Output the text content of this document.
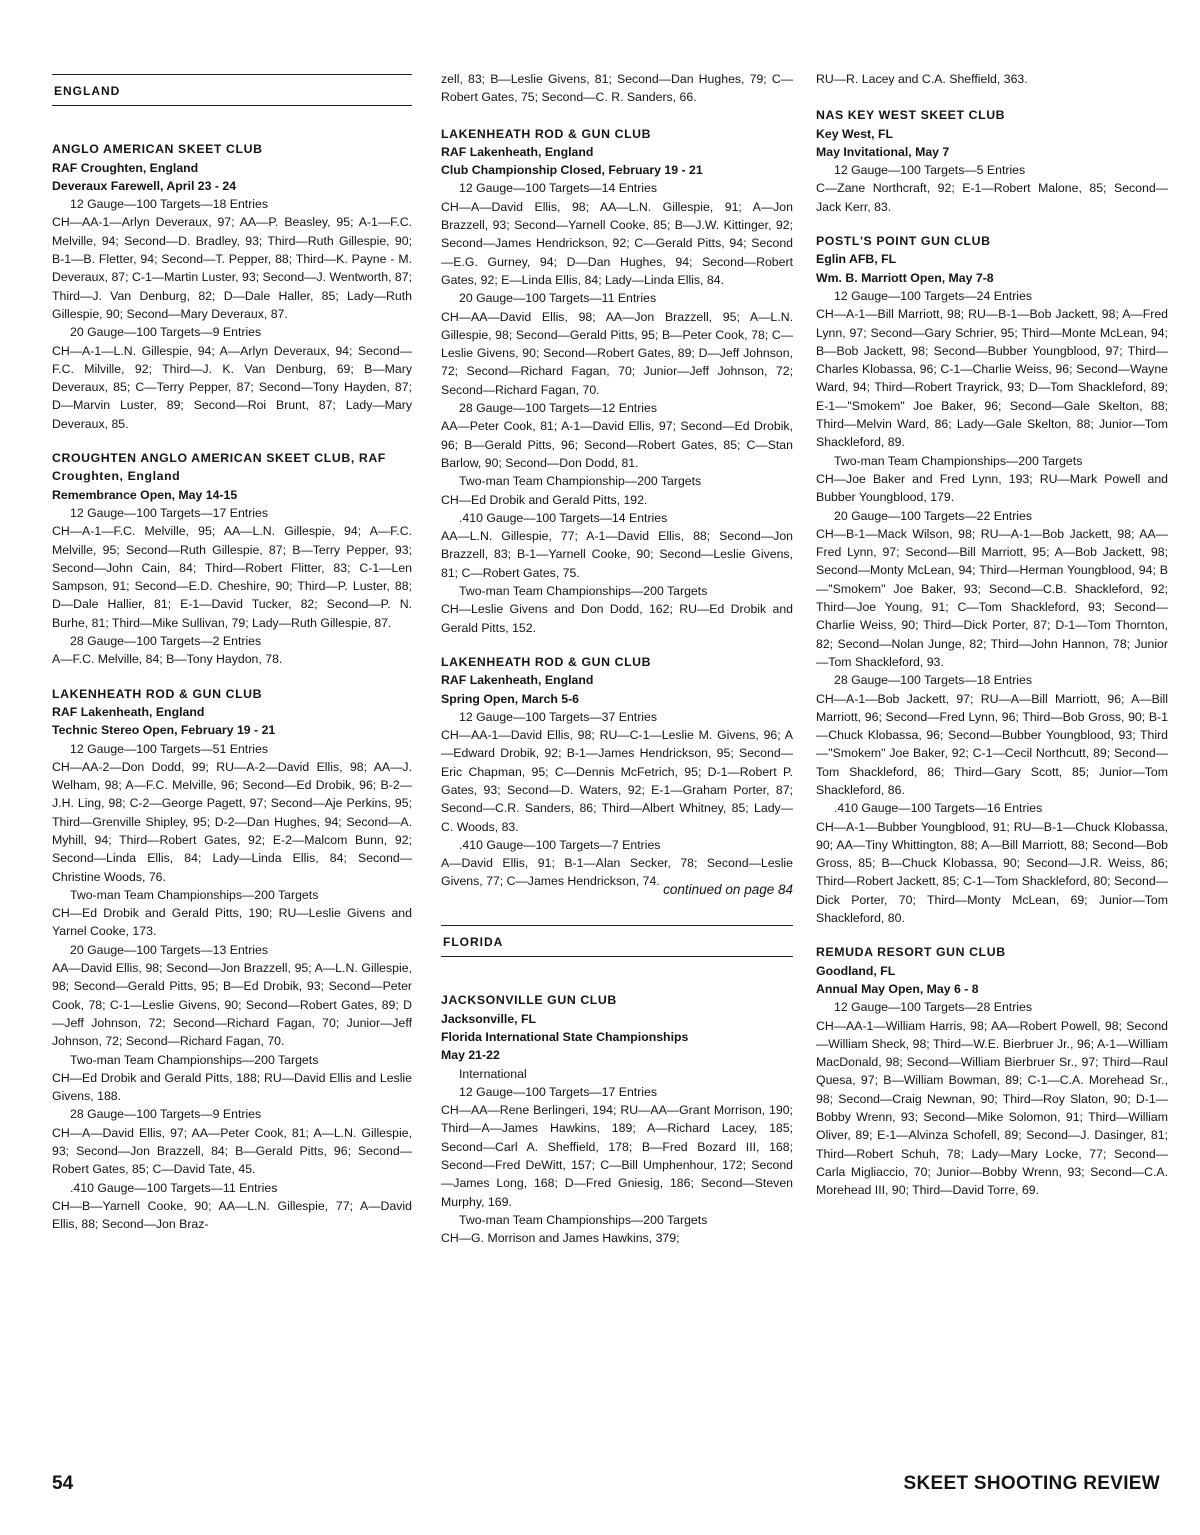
ENGLAND
ANGLO AMERICAN SKEET CLUB
RAF Croughten, England
Deveraux Farewell, April 23 - 24
12 Gauge—100 Targets—18 Entries
CH—AA-1—Arlyn Deveraux, 97; AA—P. Beasley, 95; A-1—F.C. Melville, 94; Second—D. Bradley, 93; Third—Ruth Gillespie, 90; B-1—B. Fletter, 94; Second—T. Pepper, 88; Third—K. Payne - M. Deveraux, 87; C-1—Martin Luster, 93; Second—J. Wentworth, 87; Third—J. Van Denburg, 82; D—Dale Haller, 85; Lady—Ruth Gillespie, 90; Second—Mary Deveraux, 87.
20 Gauge—100 Targets—9 Entries
CH—A-1—L.N. Gillespie, 94; A—Arlyn Deveraux, 94; Second—F.C. Milville, 92; Third—J. K. Van Denburg, 69; B—Mary Deveraux, 85; C—Terry Pepper, 87; Second—Tony Hayden, 87; D—Marvin Luster, 89; Second—Roi Brunt, 87; Lady—Mary Deveraux, 85.
CROUGHTEN ANGLO AMERICAN SKEET CLUB, RAF Croughten, England
Remembrance Open, May 14-15
12 Gauge—100 Targets—17 Entries
CH—A-1—F.C. Melville, 95; AA—L.N. Gillespie, 94; A—F.C. Melville, 95; Second—Ruth Gillespie, 87; B—Terry Pepper, 93; Second—John Cain, 84; Third—Robert Flitter, 83; C-1—Len Sampson, 91; Second—E.D. Cheshire, 90; Third—P. Luster, 88; D—Dale Hallier, 81; E-1—David Tucker, 82; Second—P. N. Burhe, 81; Third—Mike Sullivan, 79; Lady—Ruth Gillespie, 87.
28 Gauge—100 Targets—2 Entries
A—F.C. Melville, 84; B—Tony Haydon, 78.
LAKENHEATH ROD & GUN CLUB
RAF Lakenheath, England
Technic Stereo Open, February 19 - 21
12 Gauge—100 Targets—51 Entries
CH—AA-2—Don Dodd, 99; RU—A-2—David Ellis, 98; AA—J. Welham, 98; A—F.C. Melville, 96; Second—Ed Drobik, 96; B-2—J.H. Ling, 98; C-2—George Pagett, 97; Second—Aje Perkins, 95; Third—Grenville Shipley, 95; D-2—Dan Hughes, 94; Second—A. Myhill, 94; Third—Robert Gates, 92; E-2—Malcom Bunn, 92; Second—Linda Ellis, 84; Lady—Linda Ellis, 84; Second—Christine Woods, 76.
Two-man Team Championships—200 Targets
CH—Ed Drobik and Gerald Pitts, 190; RU—Leslie Givens and Yarnel Cooke, 173.
20 Gauge—100 Targets—13 Entries
AA—David Ellis, 98; Second—Jon Brazzell, 95; A—L.N. Gillespie, 98; Second—Gerald Pitts, 95; B—Ed Drobik, 93; Second—Peter Cook, 78; C-1—Leslie Givens, 90; Second—Robert Gates, 89; D—Jeff Johnson, 72; Second—Richard Fagan, 70; Junior—Jeff Johnson, 72; Second—Richard Fagan, 70.
Two-man Team Championships—200 Targets
CH—Ed Drobik and Gerald Pitts, 188; RU—David Ellis and Leslie Givens, 188.
28 Gauge—100 Targets—9 Entries
CH—A—David Ellis, 97; AA—Peter Cook, 81; A—L.N. Gillespie, 93; Second—Jon Brazzell, 84; B—Gerald Pitts, 96; Second—Robert Gates, 85; C—David Tate, 45.
.410 Gauge—100 Targets—11 Entries
CH—B—Yarnell Cooke, 90; AA—L.N. Gillespie, 77; A—David Ellis, 88; Second—Jon Braz-
zell, 83; B—Leslie Givens, 81; Second—Dan Hughes, 79; C—Robert Gates, 75; Second—C. R. Sanders, 66.
LAKENHEATH ROD & GUN CLUB
RAF Lakenheath, England
Club Championship Closed, February 19 - 21
12 Gauge—100 Targets—14 Entries
CH—A—David Ellis, 98; AA—L.N. Gillespie, 91; A—Jon Brazzell, 93; Second—Yarnell Cooke, 85; B—J.W. Kittinger, 92; Second—James Hendrickson, 92; C—Gerald Pitts, 94; Second—E.G. Gurney, 94; D—Dan Hughes, 94; Second—Robert Gates, 92; E—Linda Ellis, 84; Lady—Linda Ellis, 84.
20 Gauge—100 Targets—11 Entries
CH—AA—David Ellis, 98; AA—Jon Brazzell, 95; A—L.N. Gillespie, 98; Second—Gerald Pitts, 95; B—Peter Cook, 78; C—Leslie Givens, 90; Second—Robert Gates, 89; D—Jeff Johnson, 72; Second—Richard Fagan, 70; Junior—Jeff Johnson, 72; Second—Richard Fagan, 70.
28 Gauge—100 Targets—12 Entries
AA—Peter Cook, 81; A-1—David Ellis, 97; Second—Ed Drobik, 96; B—Gerald Pitts, 96; Second—Robert Gates, 85; C—Stan Barlow, 90; Second—Don Dodd, 81.
Two-man Team Championship—200 Targets
CH—Ed Drobik and Gerald Pitts, 192.
.410 Gauge—100 Targets—14 Entries
AA—L.N. Gillespie, 77; A-1—David Ellis, 88; Second—Jon Brazzell, 83; B-1—Yarnell Cooke, 90; Second—Leslie Givens, 81; C—Robert Gates, 75.
Two-man Team Championships—200 Targets
CH—Leslie Givens and Don Dodd, 162; RU—Ed Drobik and Gerald Pitts, 152.
LAKENHEATH ROD & GUN CLUB
RAF Lakenheath, England
Spring Open, March 5-6
12 Gauge—100 Targets—37 Entries
CH—AA-1—David Ellis, 98; RU—C-1—Leslie M. Givens, 96; A—Edward Drobik, 92; B-1—James Hendrickson, 95; Second—Eric Chapman, 95; C—Dennis McFetrich, 95; D-1—Robert P. Gates, 93; Second—D. Waters, 92; E-1—Graham Porter, 87; Second—C.R. Sanders, 86; Third—Albert Whitney, 85; Lady—C. Woods, 83.
.410 Gauge—100 Targets—7 Entries
A—David Ellis, 91; B-1—Alan Secker, 78; Second—Leslie Givens, 77; C—James Hendrickson, 74.
continued on page 84
FLORIDA
JACKSONVILLE GUN CLUB
Jacksonville, FL
Florida International State Championships
May 21-22
International
12 Gauge—100 Targets—17 Entries
CH—AA—Rene Berlingeri, 194; RU—AA—Grant Morrison, 190; Third—A—James Hawkins, 189; A—Richard Lacey, 185; Second—Carl A. Sheffield, 178; B—Fred Bozard III, 168; Second—Fred DeWitt, 157; C—Bill Umphenhour, 172; Second—James Long, 168; D—Fred Gniesig, 186; Second—Steven Murphy, 169.
Two-man Team Championships—200 Targets
CH—G. Morrison and James Hawkins, 379;
RU—R. Lacey and C.A. Sheffield, 363.
NAS KEY WEST SKEET CLUB
Key West, FL
May Invitational, May 7
12 Gauge—100 Targets—5 Entries
C—Zane Northcraft, 92; E-1—Robert Malone, 85; Second—Jack Kerr, 83.
POSTL'S POINT GUN CLUB
Eglin AFB, FL
Wm. B. Marriott Open, May 7-8
12 Gauge—100 Targets—24 Entries
CH—A-1—Bill Marriott, 98; RU—B-1—Bob Jackett, 98; A—Fred Lynn, 97; Second—Gary Schrier, 95; Third—Monte McLean, 94; B—Bob Jackett, 98; Second—Bubber Youngblood, 97; Third—Charles Klobassa, 96; C-1—Charlie Weiss, 96; Second—Wayne Ward, 94; Third—Robert Trayrick, 93; D—Tom Shackleford, 89; E-1—"Smokem" Joe Baker, 96; Second—Gale Skelton, 88; Third—Melvin Ward, 86; Lady—Gale Skelton, 88; Junior—Tom Shackleford, 89.
Two-man Team Championships—200 Targets
CH—Joe Baker and Fred Lynn, 193; RU—Mark Powell and Bubber Youngblood, 179.
20 Gauge—100 Targets—22 Entries
CH—B-1—Mack Wilson, 98; RU—A-1—Bob Jackett, 98; AA—Fred Lynn, 97; Second—Bill Marriott, 95; A—Bob Jackett, 98; Second—Monty McLean, 94; Third—Herman Youngblood, 94; B—"Smokem" Joe Baker, 93; Second—C.B. Shackleford, 92; Third—Joe Young, 91; C—Tom Shackleford, 93; Second—Charlie Weiss, 90; Third—Dick Porter, 87; D-1—Tom Thornton, 82; Second—Nolan Junge, 82; Third—John Hannon, 78; Junior—Tom Shackleford, 93.
28 Gauge—100 Targets—18 Entries
CH—A-1—Bob Jackett, 97; RU—A—Bill Marriott, 96; A—Bill Marriott, 96; Second—Fred Lynn, 96; Third—Bob Gross, 90; B-1—Chuck Klobassa, 96; Second—Bubber Youngblood, 93; Third—"Smokem" Joe Baker, 92; C-1—Cecil Northcutt, 89; Second—Tom Shackleford, 86; Third—Gary Scott, 85; Junior—Tom Shackleford, 86.
.410 Gauge—100 Targets—16 Entries
CH—A-1—Bubber Youngblood, 91; RU—B-1—Chuck Klobassa, 90; AA—Tiny Whittington, 88; A—Bill Marriott, 88; Second—Bob Gross, 85; B—Chuck Klobassa, 90; Second—J.R. Weiss, 86; Third—Robert Jackett, 85; C-1—Tom Shackleford, 80; Second—Dick Porter, 70; Third—Monty McLean, 69; Junior—Tom Shackleford, 80.
REMUDA RESORT GUN CLUB
Goodland, FL
Annual May Open, May 6 - 8
12 Gauge—100 Targets—28 Entries
CH—AA-1—William Harris, 98; AA—Robert Powell, 98; Second—William Sheck, 98; Third—W.E. Bierbruer Jr., 96; A-1—William MacDonald, 98; Second—William Bierbruer Sr., 97; Third—Raul Quesa, 97; B—William Bowman, 89; C-1—C.A. Morehead Sr., 98; Second—Craig Newnan, 90; Third—Roy Slaton, 90; D-1—Bobby Wrenn, 93; Second—Mike Solomon, 91; Third—William Oliver, 89; E-1—Alvinza Schofell, 89; Second—J. Dasinger, 81; Third—Robert Schuh, 78; Lady—Mary Locke, 77; Second—Carla Migliaccio, 70; Junior—Bobby Wrenn, 93; Second—C.A. Morehead III, 90; Third—David Torre, 69.
54	SKEET SHOOTING REVIEW
